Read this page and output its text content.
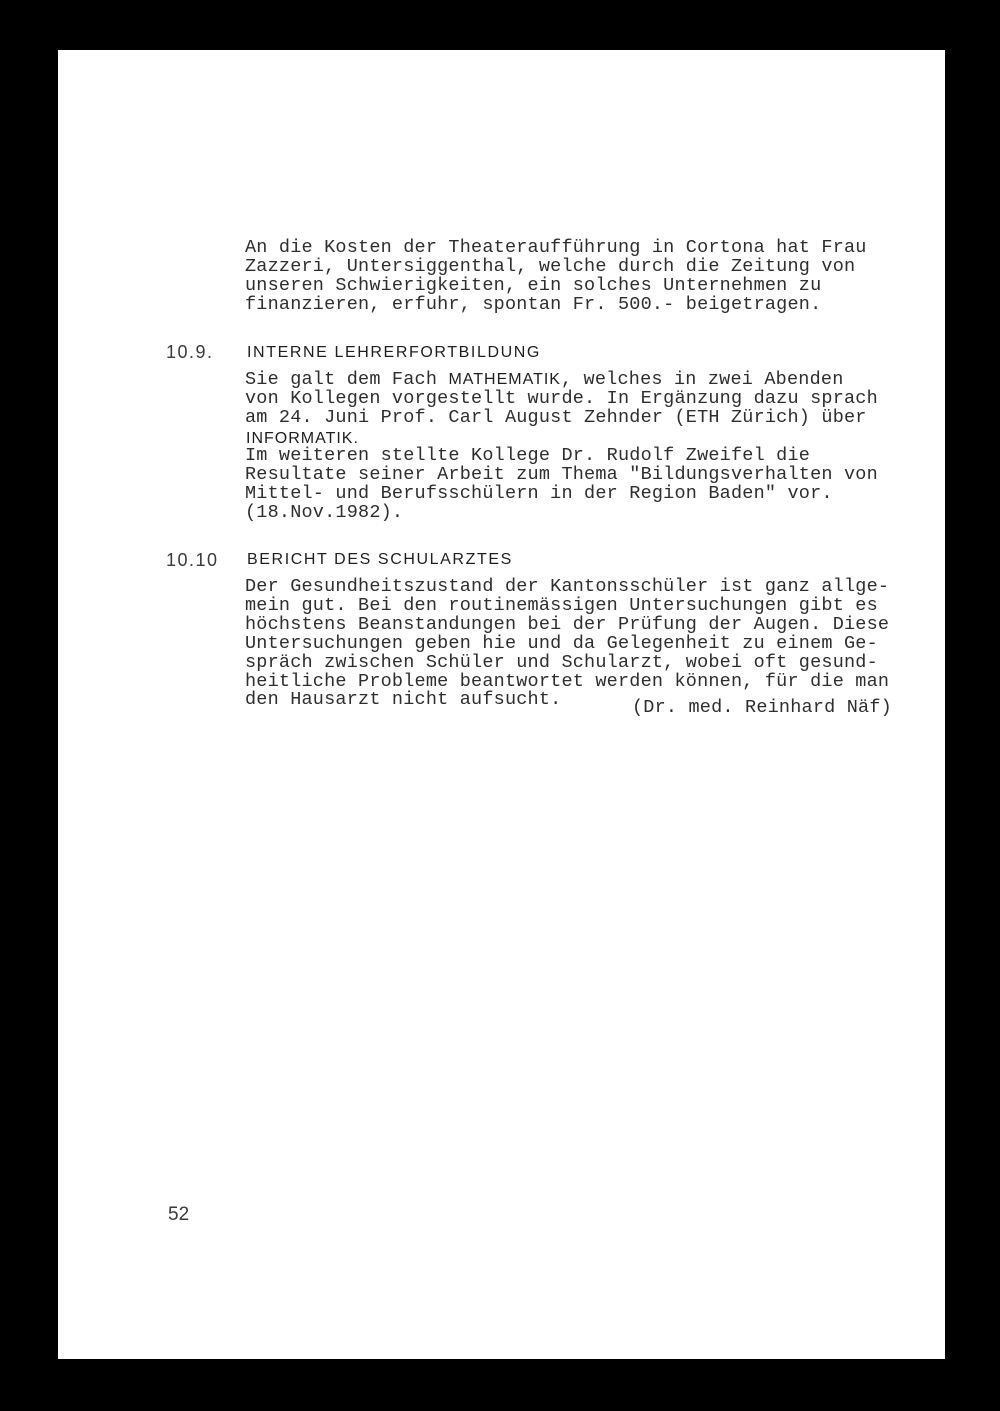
An die Kosten der Theateraufführung in Cortona hat Frau
Zazzeri, Untersiggenthal, welche durch die Zeitung von
unseren Schwierigkeiten, ein solches Unternehmen zu
finanzieren, erfuhr, spontan Fr. 500.- beigetragen.
10.9. INTERNE LEHRERFORTBILDUNG
Sie galt dem Fach MATHEMATIK, welches in zwei Abenden
von Kollegen vorgestellt wurde. In Ergänzung dazu sprach
am 24. Juni Prof. Carl August Zehnder (ETH Zürich) über
INFORMATIK.
Im weiteren stellte Kollege Dr. Rudolf Zweifel die
Resultate seiner Arbeit zum Thema "Bildungsverhalten von
Mittel- und Berufsschülern in der Region Baden" vor.
(18.Nov.1982).
10.10 BERICHT DES SCHULARZTES
Der Gesundheitszustand der Kantonsschüler ist ganz allge-
mein gut. Bei den routinemässigen Untersuchungen gibt es
höchstens Beanstandungen bei der Prüfung der Augen. Diese
Untersuchungen geben hie und da Gelegenheit zu einem Ge-
spräch zwischen Schüler und Schularzt, wobei oft gesund-
heitliche Probleme beantwortet werden können, für die man
den Hausarzt nicht aufsucht.	(Dr. med. Reinhard Näf)
52
